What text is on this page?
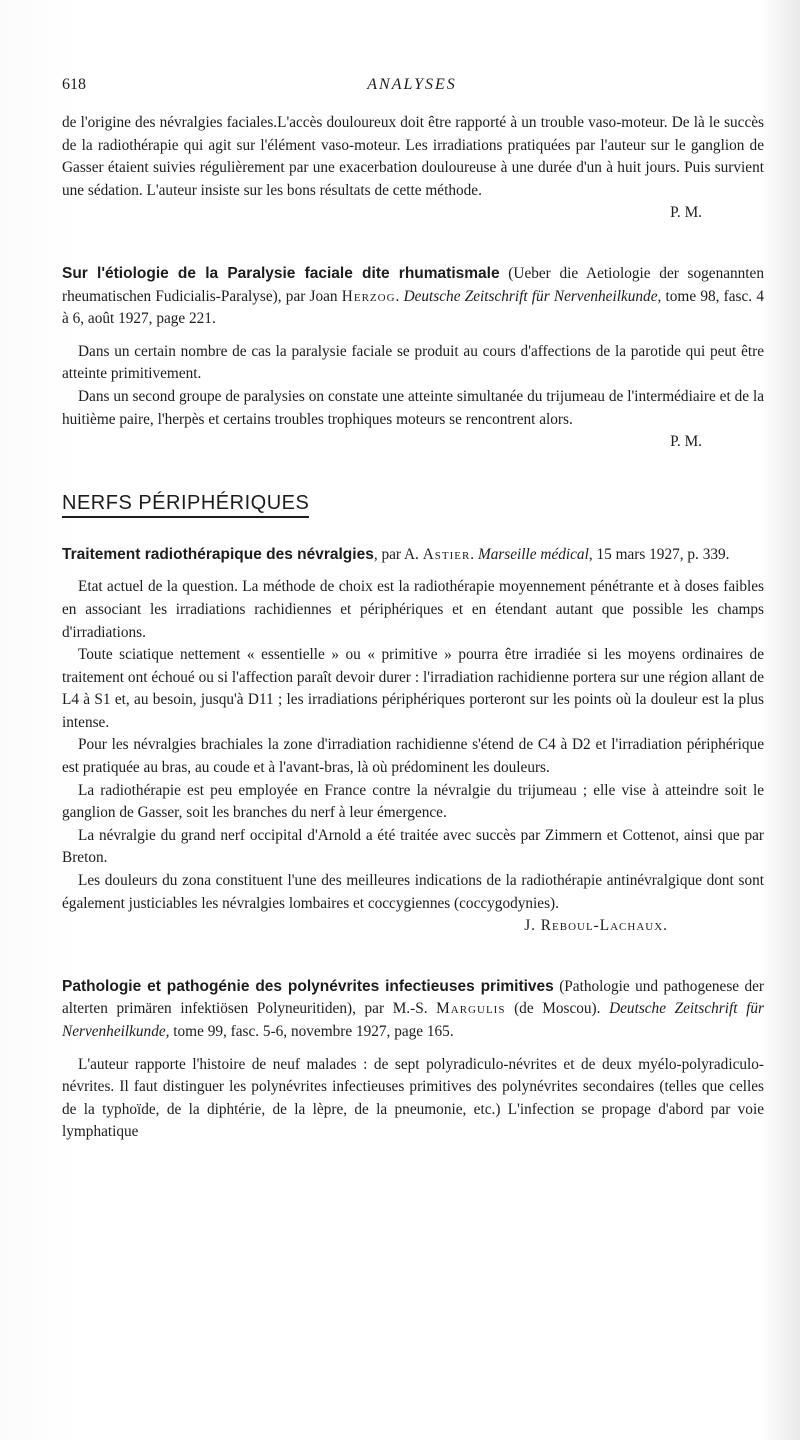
618	ANALYSES

de l'origine des névralgies faciales.L'accès douloureux doit être rapporté à un trouble vaso-moteur. De là le succès de la radiothérapie qui agit sur l'élément vaso-moteur. Les irradiations pratiquées par l'auteur sur le ganglion de Gasser étaient suivies régulièrement par une exacerbation douloureuse à une durée d'un à huit jours. Puis survient une sédation. L'auteur insiste sur les bons résultats de cette méthode.

P. M.

Sur l'étiologie de la Paralysie faciale dite rhumatismale (Ueber die Aetiologie der sogenannten rheumatischen Fudicialis-Paralyse), par Joan Herzog. Deutsche Zeitschrift für Nervenheilkunde, tome 98, fasc. 4 à 6, août 1927, page 221.

Dans un certain nombre de cas la paralysie faciale se produit au cours d'affections de la parotide qui peut être atteinte primitivement.

Dans un second groupe de paralysies on constate une atteinte simultanée du trijumeau de l'intermédiaire et de la huitième paire, l'herpès et certains troubles trophiques moteurs se rencontrent alors.

P. M.

NERFS PÉRIPHÉRIQUES

Traitement radiothérapique des névralgies, par A. Astier. Marseille médical, 15 mars 1927, p. 339.

Etat actuel de la question. La méthode de choix est la radiothérapie moyennement pénétrante et à doses faibles en associant les irradiations rachidiennes et périphériques et en étendant autant que possible les champs d'irradiations.

Toute sciatique nettement « essentielle » ou « primitive » pourra être irradiée si les moyens ordinaires de traitement ont échoué ou si l'affection paraît devoir durer : l'irradiation rachidienne portera sur une région allant de L4 à S1 et, au besoin, jusqu'à D11 ; les irradiations périphériques porteront sur les points où la douleur est la plus intense.

Pour les névralgies brachiales la zone d'irradiation rachidienne s'étend de C4 à D2 et l'irradiation périphérique est pratiquée au bras, au coude et à l'avant-bras, là où prédominent les douleurs.

La radiothérapie est peu employée en France contre la névralgie du trijumeau ; elle vise à atteindre soit le ganglion de Gasser, soit les branches du nerf à leur émergence.

La névralgie du grand nerf occipital d'Arnold a été traitée avec succès par Zimmern et Cottenot, ainsi que par Breton.

Les douleurs du zona constituent l'une des meilleures indications de la radiothérapie antinévralgique dont sont également justiciables les névralgies lombaires et coccygiennes (coccygodynies).

J. Reboul-Lachaux.

Pathologie et pathogénie des polynévrites infectieuses primitives (Pathologie und pathogenese der alterten primären infektiösen Polyneuritiden), par M.-S. Margulis (de Moscou). Deutsche Zeitschrift für Nervenheilkunde, tome 99, fasc. 5-6, novembre 1927, page 165.

L'auteur rapporte l'histoire de neuf malades : de sept polyradiculo-névrites et de deux myélo-polyradiculo-névrites. Il faut distinguer les polynévrites infectieuses primitives des polynévrites secondaires (telles que celles de la typhoïde, de la diphtérie, de la lèpre, de la pneumonie, etc.) L'infection se propage d'abord par voie lymphatique
